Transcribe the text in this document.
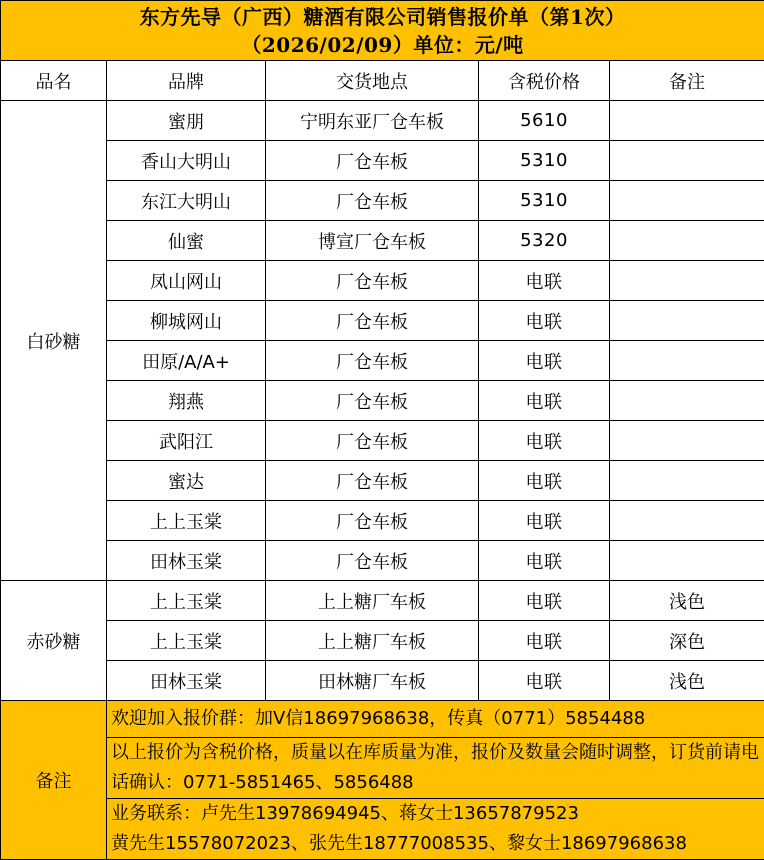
东方先导（广西）糖酒有限公司销售报价单（第1次）
（2026/02/09）单位：元/吨				

品名	品牌	交货地点	含税价格	备注
白砂糖	蜜朋	宁明东亚厂仓车板	5610	
	香山大明山	厂仓车板	5310	
	东江大明山	厂仓车板	5310	
	仙蜜	博宣厂仓车板	5320	
	凤山网山	厂仓车板	电联	
	柳城网山	厂仓车板	电联	
	田原/A/A+	厂仓车板	电联	
	翔燕	厂仓车板	电联	
	武阳江	厂仓车板	电联	
	蜜达	厂仓车板	电联	
	上上玉棠	厂仓车板	电联	
	田林玉棠	厂仓车板	电联	
赤砂糖	上上玉棠	上上糖厂车板	电联	浅色
	上上玉棠	上上糖厂车板	电联	深色
	田林玉棠	田林糖厂车板	电联	浅色
备注	欢迎加入报价群：加V信18697968638，传真（0771）5854488			
	以上报价为含税价格，质量以在库质量为准，报价及数量会随时调整，订货前请电话确认：0771-5851465、5856488			

	业务联系：卢先生13978694945、蒋女士13657879523
黄先生15578072023、张先生18777008535、黎女士18697968638			
